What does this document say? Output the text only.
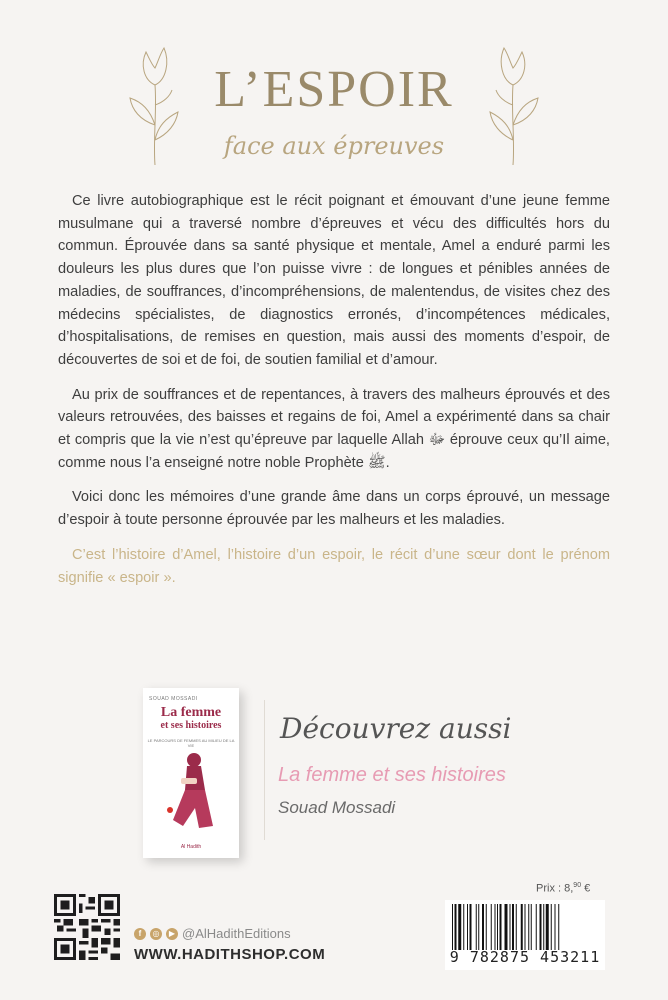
L’ESPOIR
face aux épreuves

Ce livre autobiographique est le récit poignant et émouvant d’une jeune femme musulmane qui a traversé nombre d’épreuves et vécu des difficultés hors du commun. Éprouvée dans sa santé physique et mentale, Amel a enduré parmi les douleurs les plus dures que l’on puisse vivre : de longues et pénibles années de maladies, de souffrances, d’incompréhensions, de malentendus, de visites chez des médecins spécialistes, de diagnostics erronés, d’incompétences médicales, d’hospitalisations, de remises en question, mais aussi des moments d’espoir, de découvertes de soi et de foi, de soutien familial et d’amour.

Au prix de souffrances et de repentances, à travers des malheurs éprouvés et des valeurs retrouvées, des baisses et regains de foi, Amel a expérimenté dans sa chair et compris que la vie n’est qu’épreuve par laquelle Allah ﷻ éprouve ceux qu’Il aime, comme nous l’a enseigné notre noble Prophète ﷺ.

Voici donc les mémoires d’une grande âme dans un corps éprouvé, un message d’espoir à toute personne éprouvée par les malheurs et les maladies.

C’est l’histoire d’Amel, l’histoire d’un espoir, le récit d’une sœur dont le prénom signifie « espoir ».

SOUAD MOSSADI
La femme
et ses histoires
LE PARCOURS DE FEMMES AU MILIEU DE LA VIE
Al Hadith
Découvrez aussi
La femme et ses histoires
Souad Mossadi
f	◎	▶ @AlHadithEditions
WWW.HADITHSHOP.COM
Prix : 8,90 €
9 782875 453211
